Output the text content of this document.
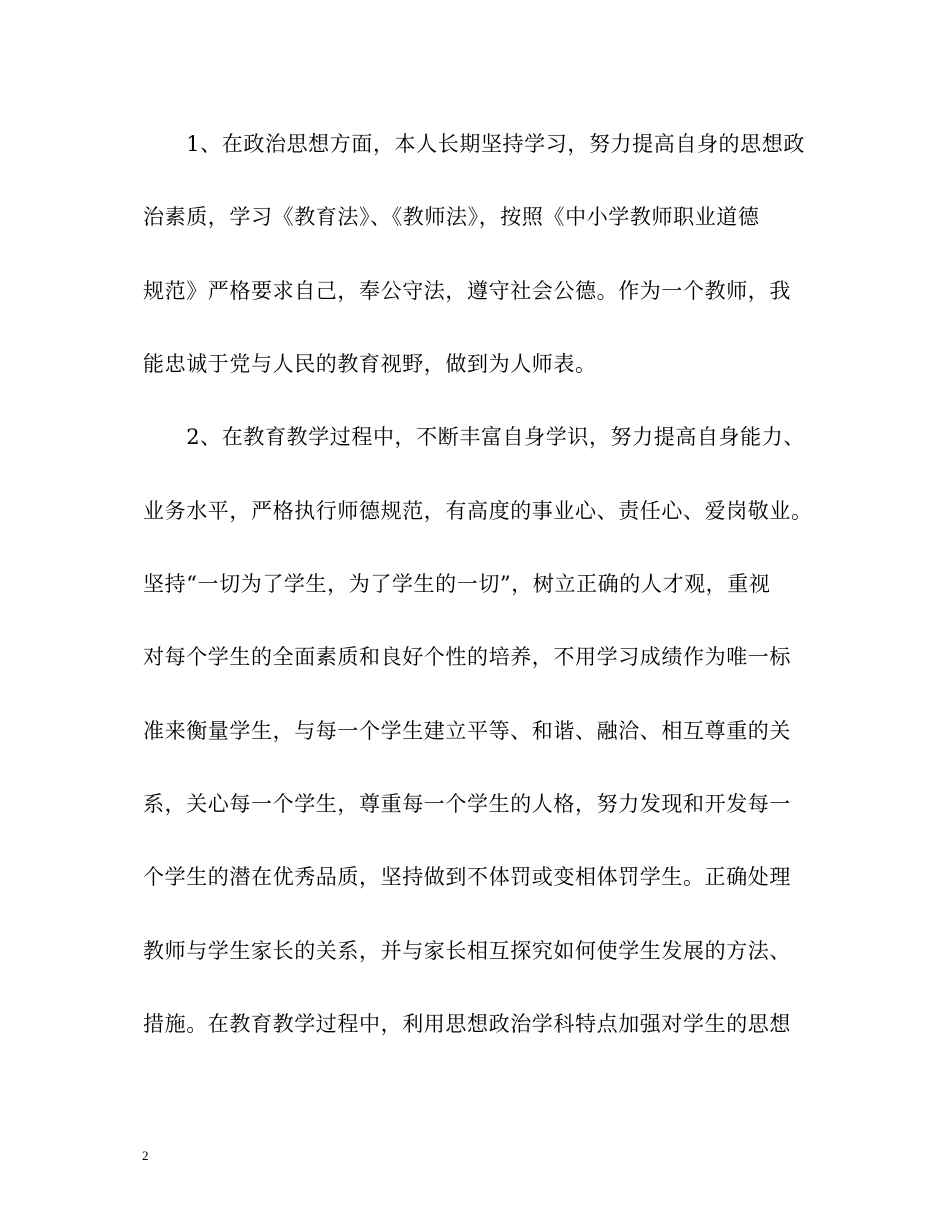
　　1、在政治思想方面，本人长期坚持学习，努力提高自身的思想政
治素质，学习《教育法》、《教师法》，按照《中小学教师职业道德
规范》严格要求自己，奉公守法，遵守社会公德。作为一个教师，我
能忠诚于党与人民的教育视野，做到为人师表。
　　2、在教育教学过程中，不断丰富自身学识，努力提高自身能力、
业务水平，严格执行师德规范，有高度的事业心、责任心、爱岗敬业。
坚持“一切为了学生，为了学生的一切”，树立正确的人才观，重视
对每个学生的全面素质和良好个性的培养，不用学习成绩作为唯一标
准来衡量学生，与每一个学生建立平等、和谐、融洽、相互尊重的关
系，关心每一个学生，尊重每一个学生的人格，努力发现和开发每一
个学生的潜在优秀品质，坚持做到不体罚或变相体罚学生。正确处理
教师与学生家长的关系，并与家长相互探究如何使学生发展的方法、
措施。在教育教学过程中，利用思想政治学科特点加强对学生的思想
2
